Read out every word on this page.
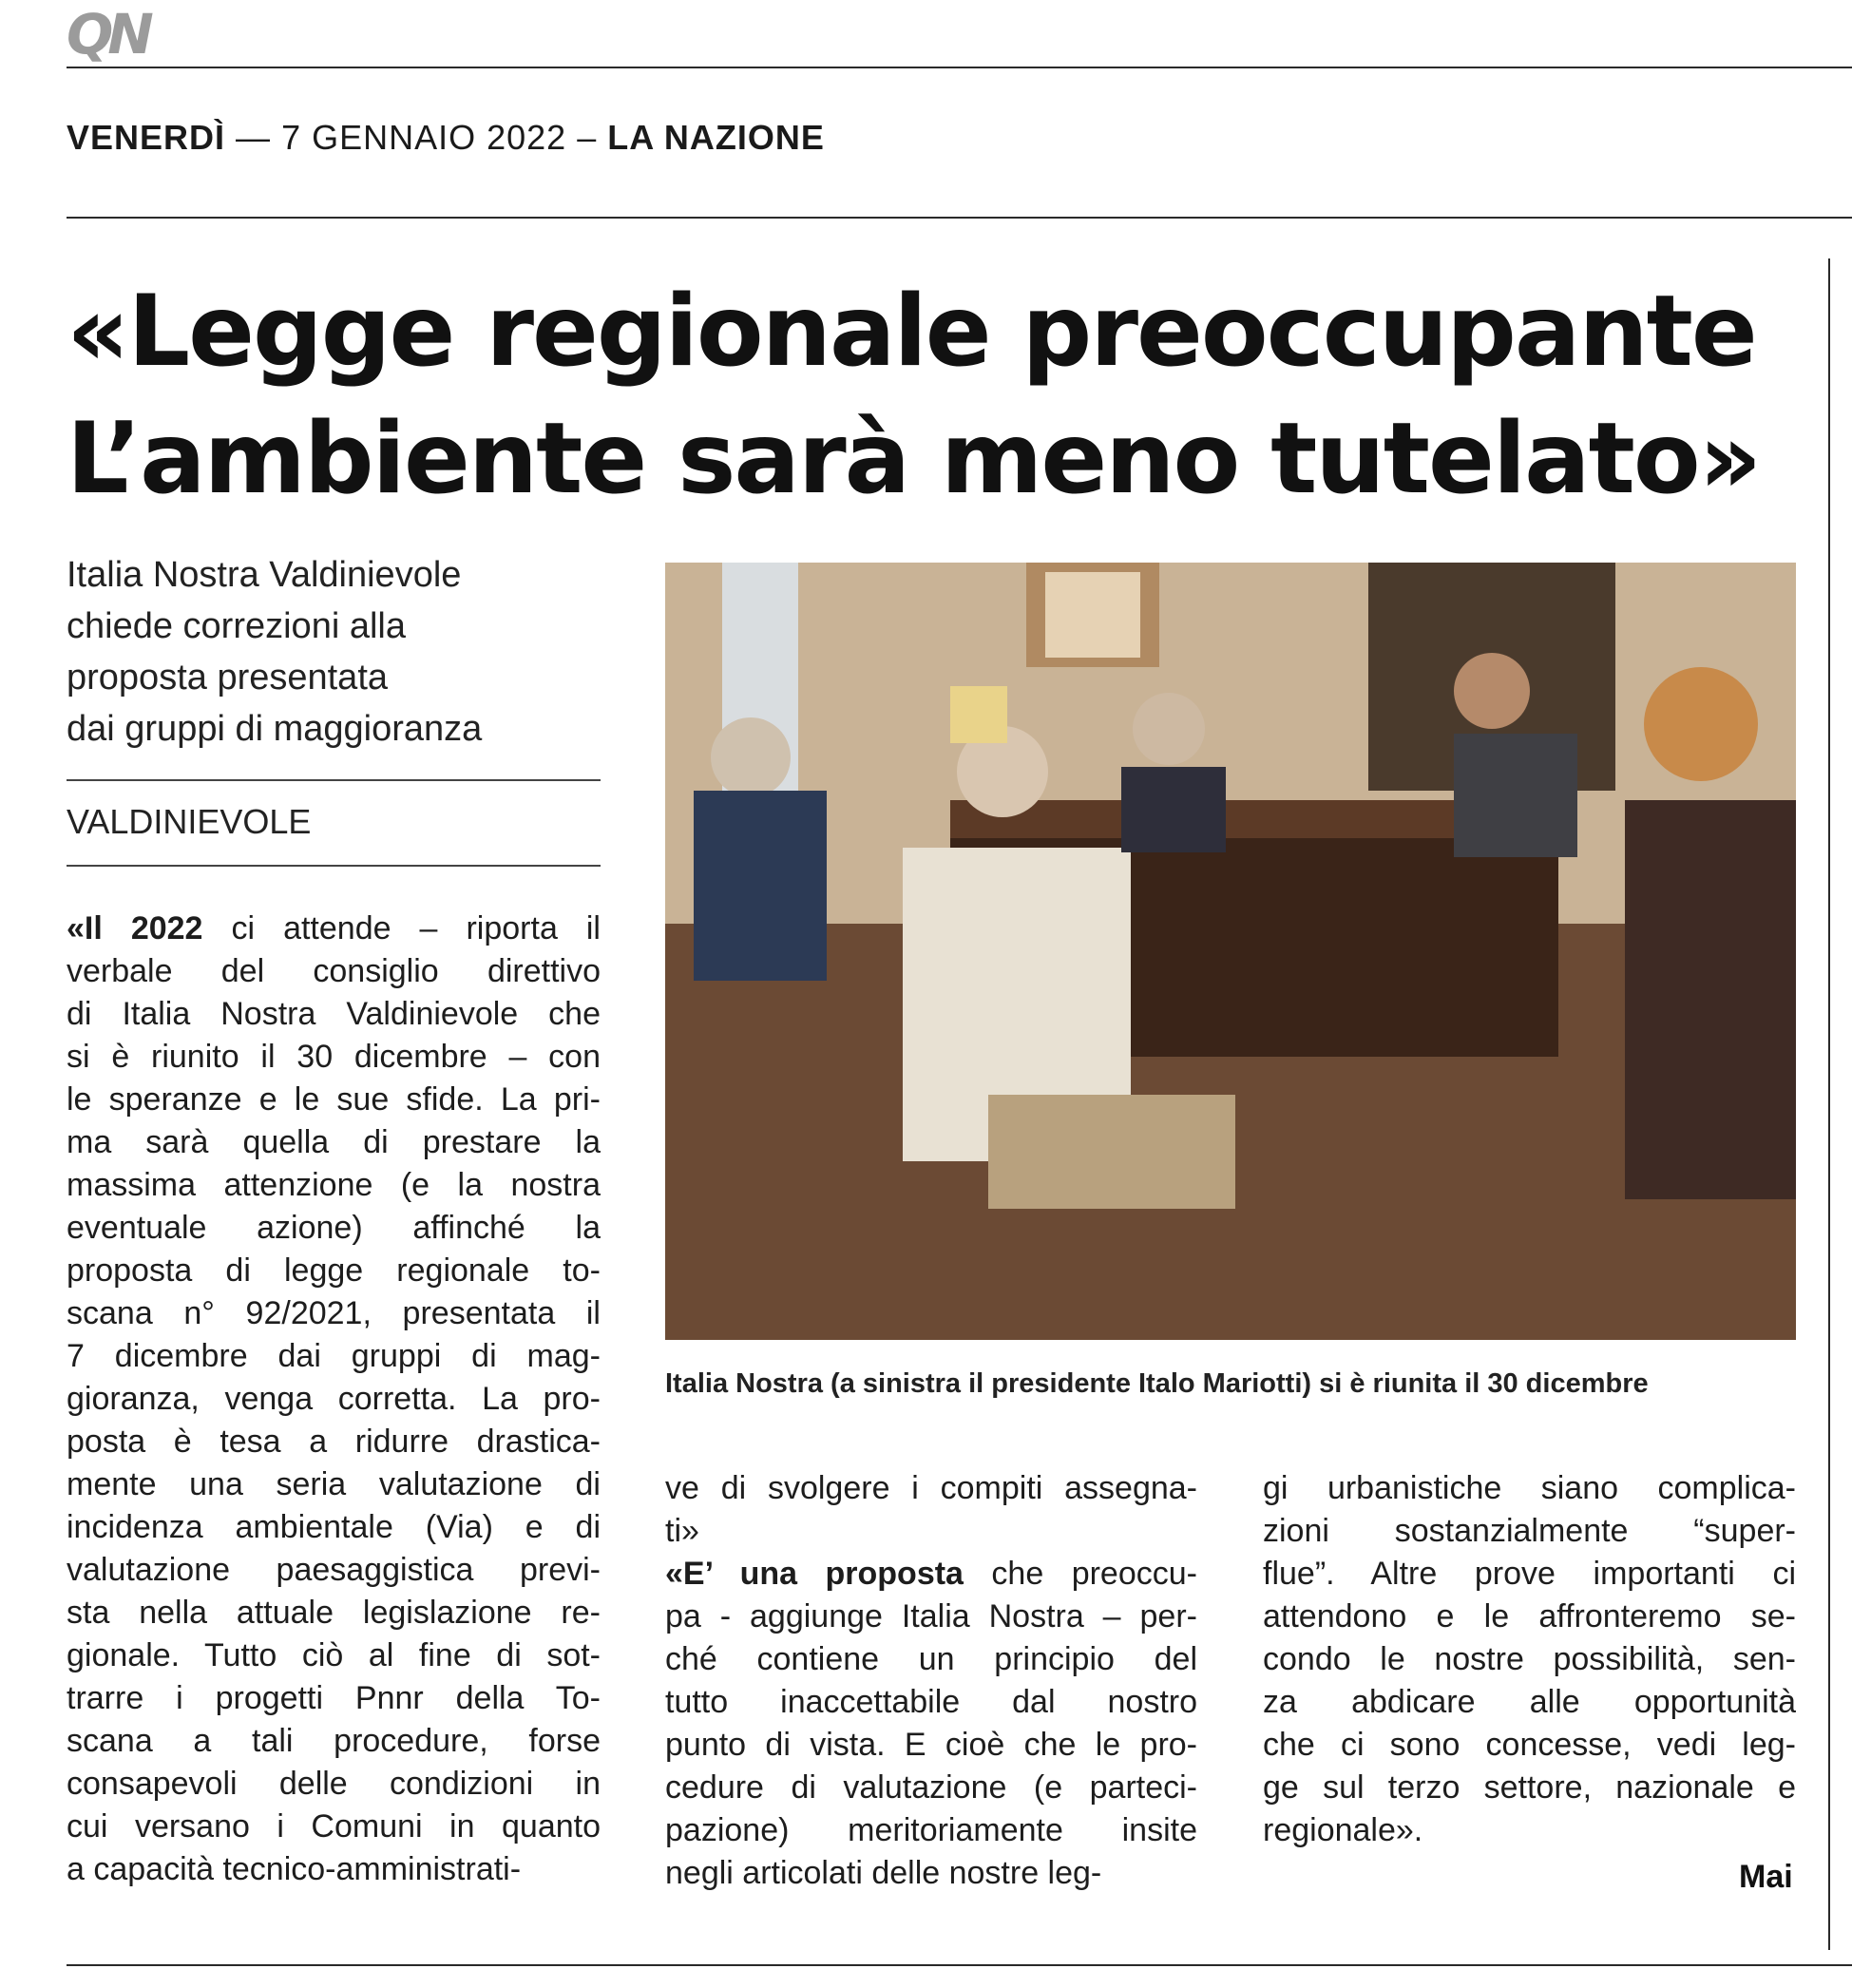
QN
VENERDÌ — 7 GENNAIO 2022 – LA NAZIONE
«Legge regionale preoccupante
L’ambiente sarà meno tutelato»
Italia Nostra Valdinievole
chiede correzioni alla
proposta presentata
dai gruppi di maggioranza
VALDINIEVOLE
Italia Nostra (a sinistra il presidente Italo Mariotti) si è riunita il 30 dicembre
«Il 2022 ci attende – riporta il
verbale del consiglio direttivo
di Italia Nostra Valdinievole che
si è riunito il 30 dicembre – con
le speranze e le sue sfide. La pri-
ma sarà quella di prestare la
massima attenzione (e la nostra
eventuale azione) affinché la
proposta di legge regionale to-
scana n° 92/2021, presentata il
7 dicembre dai gruppi di mag-
gioranza, venga corretta. La pro-
posta è tesa a ridurre drastica-
mente una seria valutazione di
incidenza ambientale (Via) e di
valutazione paesaggistica previ-
sta nella attuale legislazione re-
gionale. Tutto ciò al fine di sot-
trarre i progetti Pnnr della To-
scana a tali procedure, forse
consapevoli delle condizioni in
cui versano i Comuni in quanto
a capacità tecnico-amministrati-
ve di svolgere i compiti assegna-
ti»
«E’ una proposta che preoccu-
pa - aggiunge Italia Nostra – per-
ché contiene un principio del
tutto inaccettabile dal nostro
punto di vista. E cioè che le pro-
cedure di valutazione (e parteci-
pazione) meritoriamente insite
negli articolati delle nostre leg-
gi urbanistiche siano complica-
zioni sostanzialmente “super-
flue”. Altre prove importanti ci
attendono e le affronteremo se-
condo le nostre possibilità, sen-
za abdicare alle opportunità
che ci sono concesse, vedi leg-
ge sul terzo settore, nazionale e
regionale».
Mai
